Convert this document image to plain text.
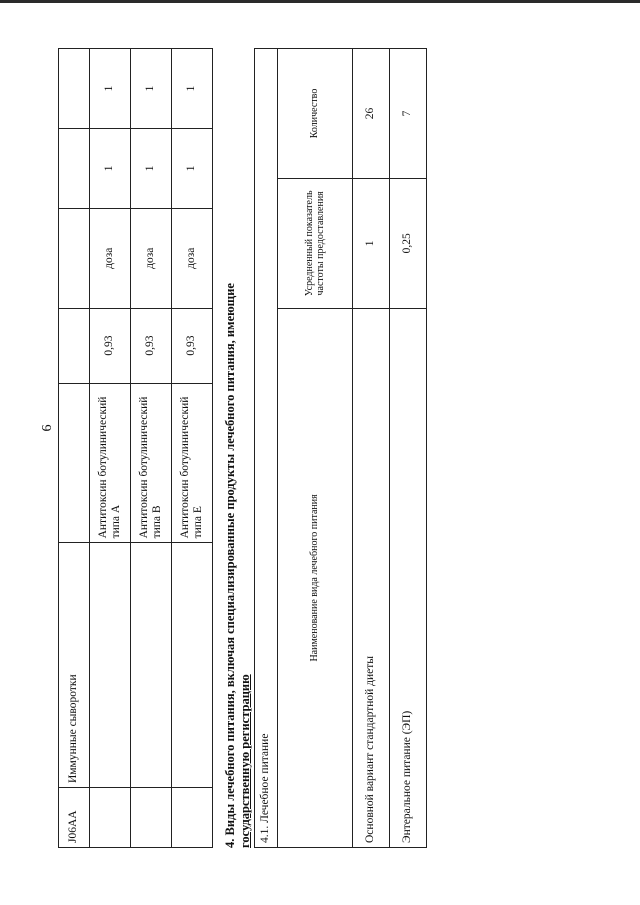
6
J06AA	Иммунные сыворотки					
		Антитоксин ботулинический типа A	0,93	доза	1	1
		Антитоксин ботулинический типа B	0,93	доза	1	1
		Антитоксин ботулинический типа E	0,93	доза	1	1
4. Виды лечебного питания, включая специализированные продукты лечебного питания, имеющие государственную регистрацию 4.1. Лечебное питание		
Наименование вида лечебного питания	Усредненный показатель частоты предоставления	Количество
Основной вариант стандартной диеты	1	26
Энтеральное питание (ЭП)	0,25	7
